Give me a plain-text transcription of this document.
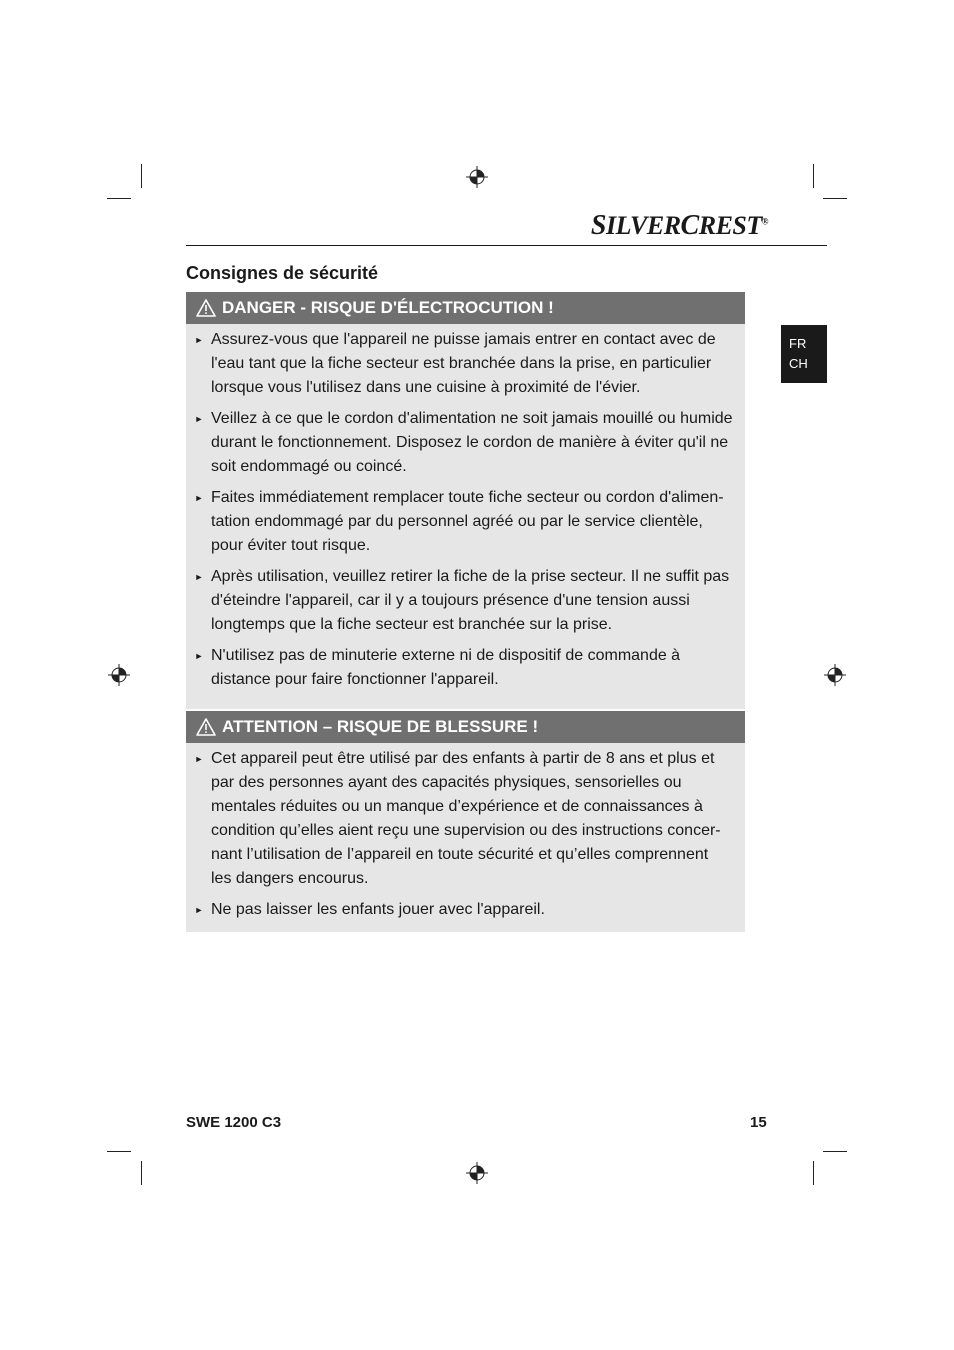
SILVERCREST®
Consignes de sécurité
FR
CH
DANGER - RISQUE D'ÉLECTROCUTION !
► Assurez-vous que l'appareil ne puisse jamais entrer en contact avec de l'eau tant que la fiche secteur est branchée dans la prise, en particulier lorsque vous l'utilisez dans une cuisine à proximité de l'évier.
► Veillez à ce que le cordon d'alimentation ne soit jamais mouillé ou humide durant le fonctionnement. Disposez le cordon de manière à éviter qu'il ne soit endommagé ou coincé.
► Faites immédiatement remplacer toute fiche secteur ou cordon d'alimentation endommagé par du personnel agréé ou par le service clientèle, pour éviter tout risque.
► Après utilisation, veuillez retirer la fiche de la prise secteur. Il ne suffit pas d'éteindre l'appareil, car il y a toujours présence d'une tension aussi longtemps que la fiche secteur est branchée sur la prise.
► N'utilisez pas de minuterie externe ni de dispositif de commande à distance pour faire fonctionner l'appareil.
ATTENTION – RISQUE DE BLESSURE !
► Cet appareil peut être utilisé par des enfants à partir de 8 ans et plus et par des personnes ayant des capacités physiques, sensorielles ou mentales réduites ou un manque d’expérience et de connaissances à condition qu’elles aient reçu une supervision ou des instructions concernant l’utilisation de l’appareil en toute sécurité et qu’elles comprennent les dangers encourus.
► Ne pas laisser les enfants jouer avec l'appareil.
SWE 1200 C3	15
